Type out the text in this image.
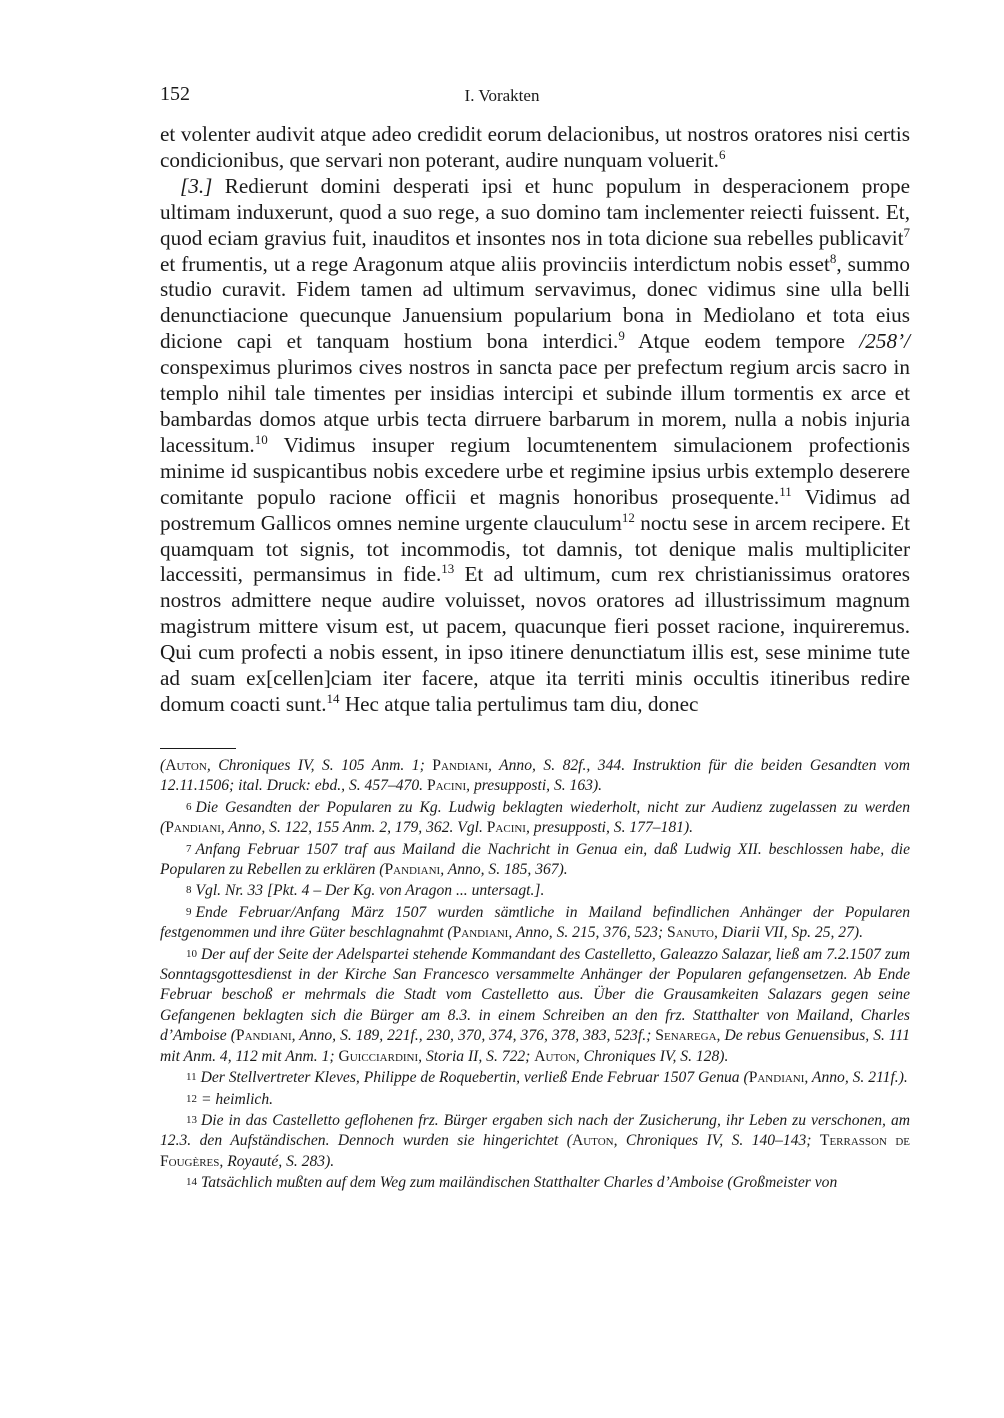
152	I. Vorakten

et volenter audivit atque adeo credidit eorum delacionibus, ut nostros oratores nisi certis condicionibus, que servari non poterant, audire nunquam voluerit.$^6$

[3.] Redierunt domini desperati ipsi et hunc populum in desperacionem prope ultimam induxerunt, quod a suo rege, a suo domino tam inclementer reiecti fuissent. Et, quod eciam gravius fuit, inauditos et insontes nos in tota dicione sua rebelles publicavit$^7$ et frumentis, ut a rege Aragonum atque aliis provinciis interdictum nobis esset$^8$, summo studio curavit. Fidem tamen ad ultimum servavimus, donec vidimus sine ulla belli denunctiacione quecunque Januensium popularium bona in Mediolano et tota eius dicione capi et tanquam hostium bona interdici.$^9$ Atque eodem tempore /258’/ conspeximus plurimos cives nostros in sancta pace per prefectum regium arcis sacro in templo nihil tale timentes per insidias intercipi et subinde illum tormentis ex arce et bambardas domos atque urbis tecta dirruere barbarum in morem, nulla a nobis injuria lacessitum.$^{10}$ Vidimus insuper regium locumtenentem simulacionem profectionis minime id suspicantibus nobis excedere urbe et regimine ipsius urbis extemplo deserere comitante populo racione officii et magnis honoribus prosequente.$^{11}$ Vidimus ad postremum Gallicos omnes nemine urgente clauculum$^{12}$ noctu sese in arcem recipere. Et quamquam tot signis, tot incommodis, tot damnis, tot denique malis multipliciter laccessiti, permansimus in fide.$^{13}$ Et ad ultimum, cum rex christianissimus oratores nostros admittere neque audire voluisset, novos oratores ad illustrissimum magnum magistrum mittere visum est, ut pacem, quacunque fieri posset racione, inquireremus. Qui cum profecti a nobis essent, in ipso itinere denunctiatum illis est, sese minime tute ad suam ex[cellen]ciam iter facere, atque ita territi minis occultis itineribus redire domum coacti sunt.$^{14}$ Hec atque talia pertulimus tam diu, donec

(Auton, Chroniques IV, S. 105 Anm. 1; Pandiani, Anno, S. 82f., 344. Instruktion für die beiden Gesandten vom 12.11.1506; ital. Druck: ebd., S. 457–470. Pacini, presupposti, S. 163).

6 Die Gesandten der Popularen zu Kg. Ludwig beklagten wiederholt, nicht zur Audienz zugelassen zu werden (Pandiani, Anno, S. 122, 155 Anm. 2, 179, 362. Vgl. Pacini, presupposti, S. 177–181).

7 Anfang Februar 1507 traf aus Mailand die Nachricht in Genua ein, daß Ludwig XII. beschlossen habe, die Popularen zu Rebellen zu erklären (Pandiani, Anno, S. 185, 367).

8 Vgl. Nr. 33 [Pkt. 4 – Der Kg. von Aragon ... untersagt.].

9 Ende Februar/Anfang März 1507 wurden sämtliche in Mailand befindlichen Anhänger der Popularen festgenommen und ihre Güter beschlagnahmt (Pandiani, Anno, S. 215, 376, 523; Sanuto, Diarii VII, Sp. 25, 27).

10 Der auf der Seite der Adelspartei stehende Kommandant des Castelletto, Galeazzo Salazar, ließ am 7.2.1507 zum Sonntagsgottesdienst in der Kirche San Francesco versammelte Anhänger der Popularen gefangensetzen. Ab Ende Februar beschoß er mehrmals die Stadt vom Castelletto aus. Über die Grausamkeiten Salazars gegen seine Gefangenen beklagten sich die Bürger am 8.3. in einem Schreiben an den frz. Statthalter von Mailand, Charles d’Amboise (Pandiani, Anno, S. 189, 221f., 230, 370, 374, 376, 378, 383, 523f.; Senarega, De rebus Genuensibus, S. 111 mit Anm. 4, 112 mit Anm. 1; Guicciardini, Storia II, S. 722; Auton, Chroniques IV, S. 128).

11 Der Stellvertreter Kleves, Philippe de Roquebertin, verließ Ende Februar 1507 Genua (Pandiani, Anno, S. 211f.).

12 = heimlich.

13 Die in das Castelletto geflohenen frz. Bürger ergaben sich nach der Zusicherung, ihr Leben zu verschonen, am 12.3. den Aufständischen. Dennoch wurden sie hingerichtet (Auton, Chroniques IV, S. 140–143; Terrasson de Fougères, Royauté, S. 283).

14 Tatsächlich mußten auf dem Weg zum mailändischen Statthalter Charles d’Amboise (Großmeister von
